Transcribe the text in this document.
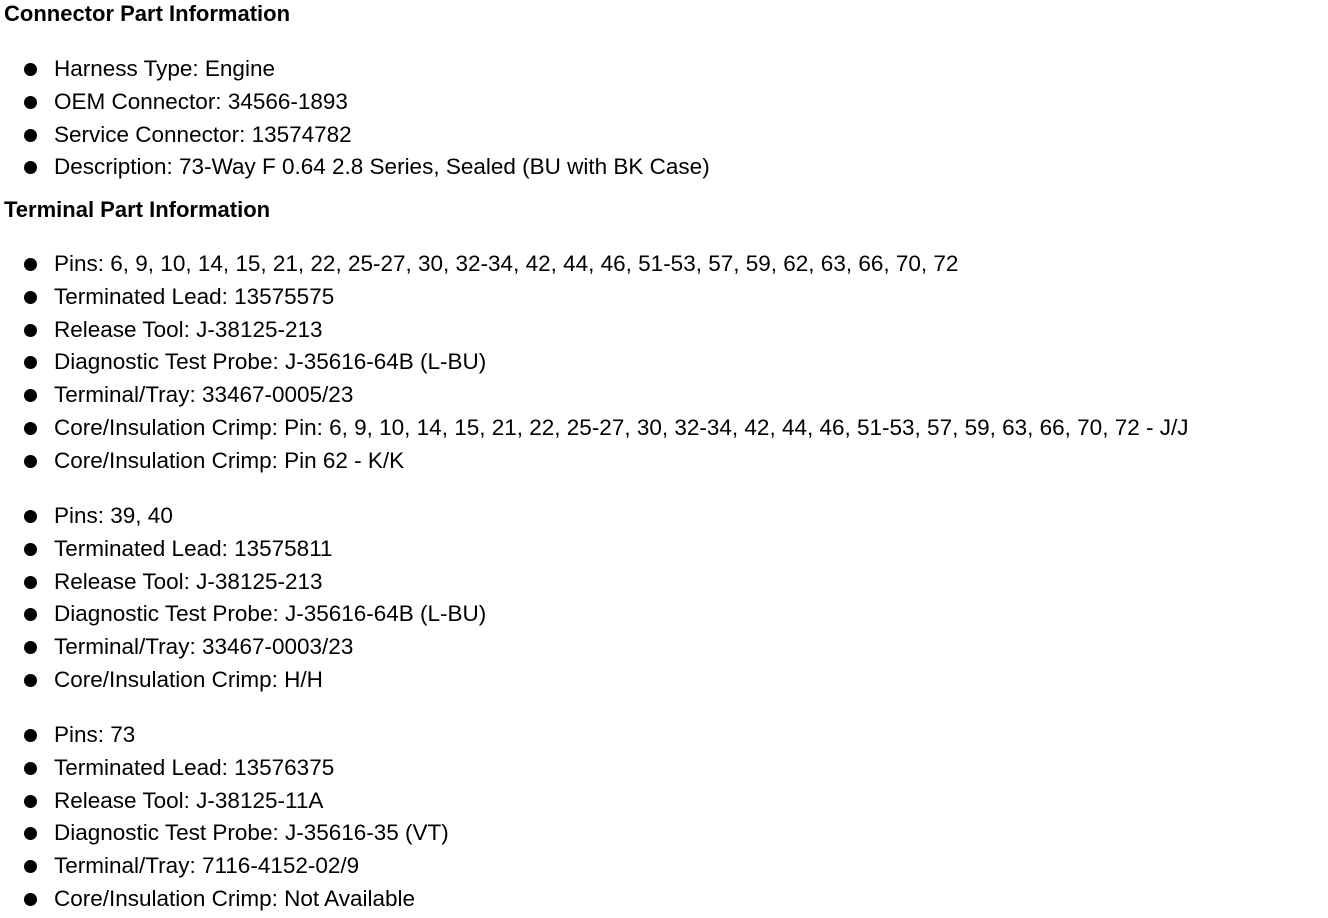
Connector Part Information
Harness Type: Engine
OEM Connector: 34566-1893
Service Connector: 13574782
Description: 73-Way F 0.64 2.8 Series, Sealed (BU with BK Case)
Terminal Part Information
Pins: 6, 9, 10, 14, 15, 21, 22, 25-27, 30, 32-34, 42, 44, 46, 51-53, 57, 59, 62, 63, 66, 70, 72
Terminated Lead: 13575575
Release Tool: J-38125-213
Diagnostic Test Probe: J-35616-64B (L-BU)
Terminal/Tray: 33467-0005/23
Core/Insulation Crimp: Pin: 6, 9, 10, 14, 15, 21, 22, 25-27, 30, 32-34, 42, 44, 46, 51-53, 57, 59, 63, 66, 70, 72 - J/J
Core/Insulation Crimp: Pin 62 - K/K
Pins: 39, 40
Terminated Lead: 13575811
Release Tool: J-38125-213
Diagnostic Test Probe: J-35616-64B (L-BU)
Terminal/Tray: 33467-0003/23
Core/Insulation Crimp: H/H
Pins: 73
Terminated Lead: 13576375
Release Tool: J-38125-11A
Diagnostic Test Probe: J-35616-35 (VT)
Terminal/Tray: 7116-4152-02/9
Core/Insulation Crimp: Not Available
